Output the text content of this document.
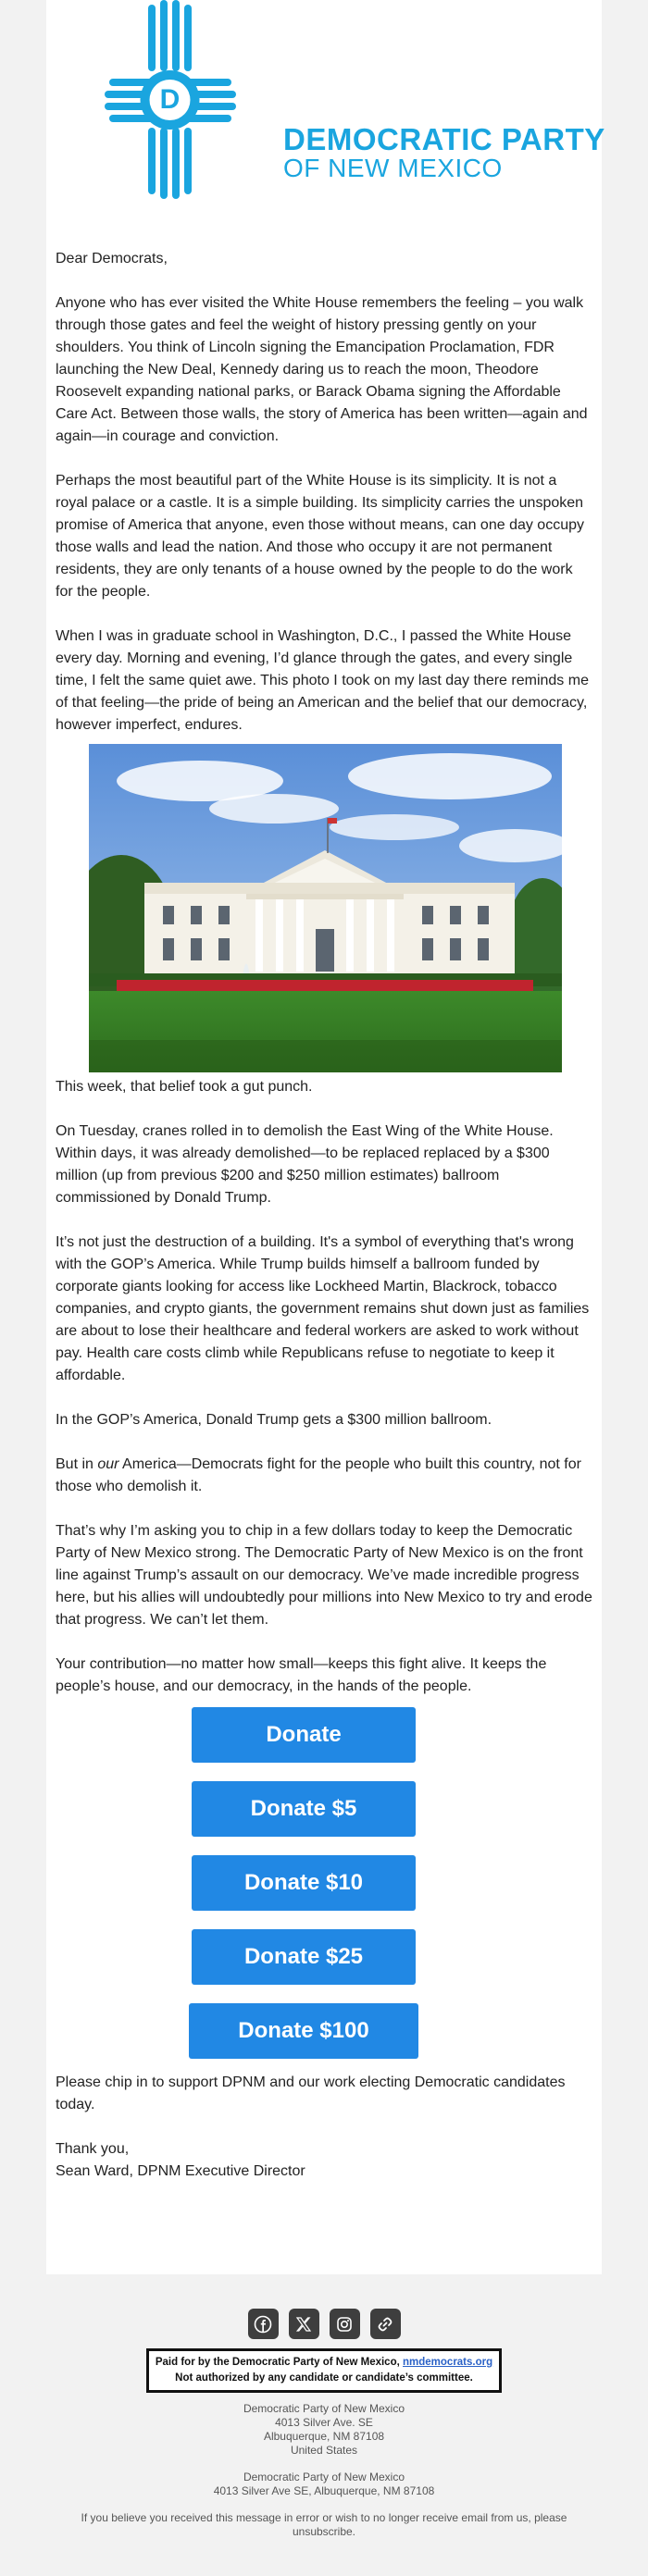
D
DEMOCRATIC PARTY
OF NEW MEXICO

Dear Democrats,

Anyone who has ever visited the White House remembers the feeling – you walk through those gates and feel the weight of history pressing gently on your shoulders. You think of Lincoln signing the Emancipation Proclamation, FDR launching the New Deal, Kennedy daring us to reach the moon, Theodore Roosevelt expanding national parks, or Barack Obama signing the Affordable Care Act. Between those walls, the story of America has been written—again and again—in courage and conviction.

Perhaps the most beautiful part of the White House is its simplicity. It is not a royal palace or a castle. It is a simple building. Its simplicity carries the unspoken promise of America that anyone, even those without means, can one day occupy those walls and lead the nation. And those who occupy it are not permanent residents, they are only tenants of a house owned by the people to do the work for the people.

When I was in graduate school in Washington, D.C., I passed the White House every day. Morning and evening, I’d glance through the gates, and every single time, I felt the same quiet awe. This photo I took on my last day there reminds me of that feeling—the pride of being an American and the belief that our democracy, however imperfect, endures.

This week, that belief took a gut punch.

On Tuesday, cranes rolled in to demolish the East Wing of the White House. Within days, it was already demolished—to be replaced replaced by a $300 million (up from previous $200 and $250 million estimates) ballroom commissioned by Donald Trump.

It’s not just the destruction of a building. It's a symbol of everything that's wrong with the GOP’s America. While Trump builds himself a ballroom funded by corporate giants looking for access like Lockheed Martin, Blackrock, tobacco companies, and crypto giants, the government remains shut down just as families are about to lose their healthcare and federal workers are asked to work without pay. Health care costs climb while Republicans refuse to negotiate to keep it affordable.

In the GOP’s America, Donald Trump gets a $300 million ballroom.

But in our America—Democrats fight for the people who built this country, not for those who demolish it.

That’s why I’m asking you to chip in a few dollars today to keep the Democratic Party of New Mexico strong. The Democratic Party of New Mexico is on the front line against Trump’s assault on our democracy. We’ve made incredible progress here, but his allies will undoubtedly pour millions into New Mexico to try and erode that progress. We can’t let them.

Your contribution—no matter how small—keeps this fight alive. It keeps the people’s house, and our democracy, in the hands of the people.

Donate
Donate $5
Donate $10
Donate $25
Donate $100

Please chip in to support DPNM and our work electing Democratic candidates today.

Thank you,
Sean Ward, DPNM Executive Director
Paid for by the Democratic Party of New Mexico, nmdemocrats.org
Not authorized by any candidate or candidate’s committee.
Democratic Party of New Mexico
4013 Silver Ave. SE
Albuquerque, NM 87108
United States
Democratic Party of New Mexico
4013 Silver Ave SE, Albuquerque, NM 87108
If you believe you received this message in error or wish to no longer receive email from us, please unsubscribe.
